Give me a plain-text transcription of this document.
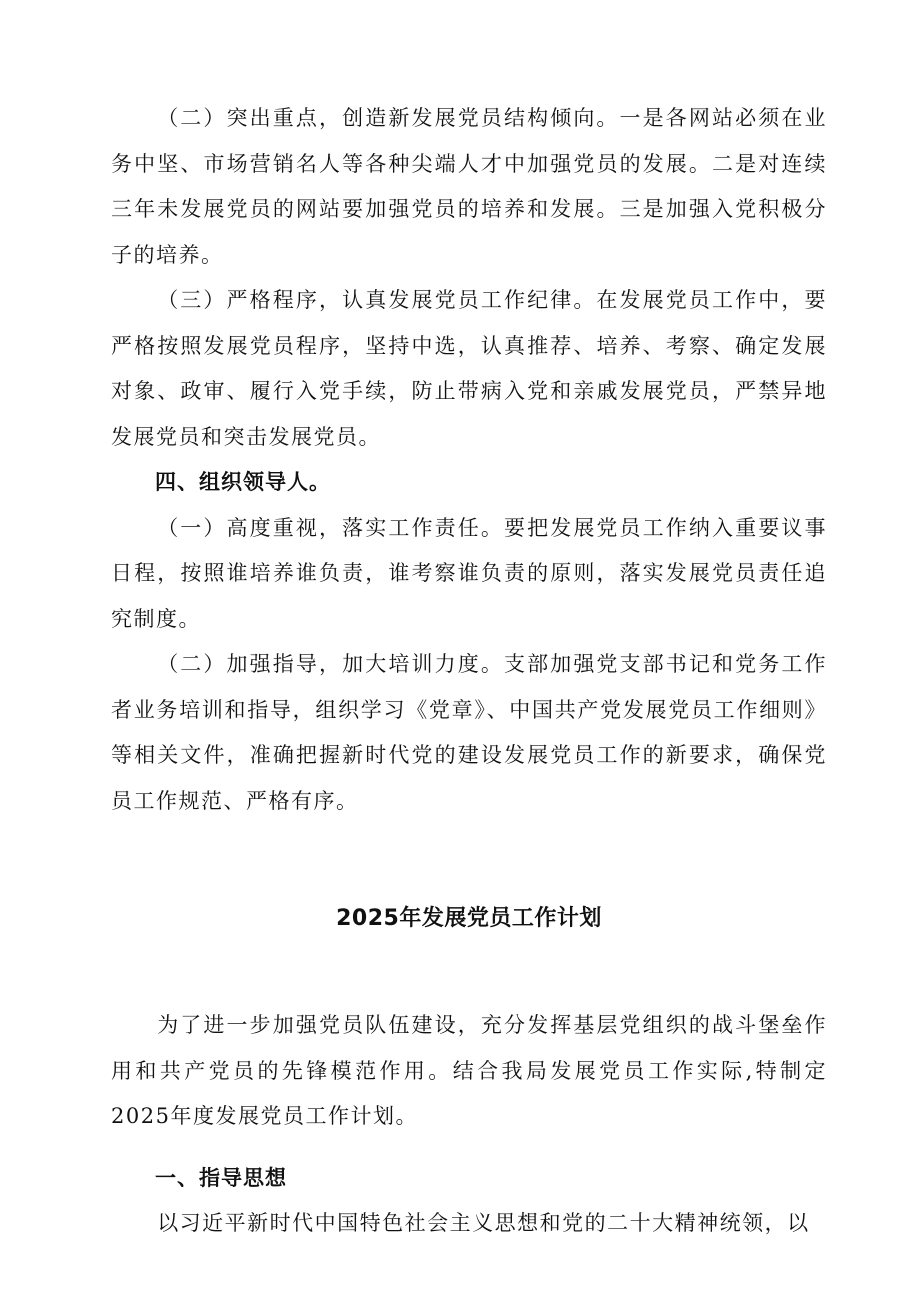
（二）突出重点，创造新发展党员结构倾向。一是各网站必须在业务中坚、市场营销名人等各种尖端人才中加强党员的发展。二是对连续三年未发展党员的网站要加强党员的培养和发展。三是加强入党积极分子的培养。

（三）严格程序，认真发展党员工作纪律。在发展党员工作中，要严格按照发展党员程序，坚持中选，认真推荐、培养、考察、确定发展对象、政审、履行入党手续，防止带病入党和亲戚发展党员，严禁异地发展党员和突击发展党员。

四、组织领导人。

（一）高度重视，落实工作责任。要把发展党员工作纳入重要议事日程，按照谁培养谁负责，谁考察谁负责的原则，落实发展党员责任追究制度。

（二）加强指导，加大培训力度。支部加强党支部书记和党务工作者业务培训和指导，组织学习《党章》、中国共产党发展党员工作细则》等相关文件，准确把握新时代党的建设发展党员工作的新要求，确保党员工作规范、严格有序。

2025年发展党员工作计划

为了进一步加强党员队伍建设，充分发挥基层党组织的战斗堡垒作用和共产党员的先锋模范作用。结合我局发展党员工作实际,特制定2025年度发展党员工作计划。

一、指导思想

以习近平新时代中国特色社会主义思想和党的二十大精神统领，以
